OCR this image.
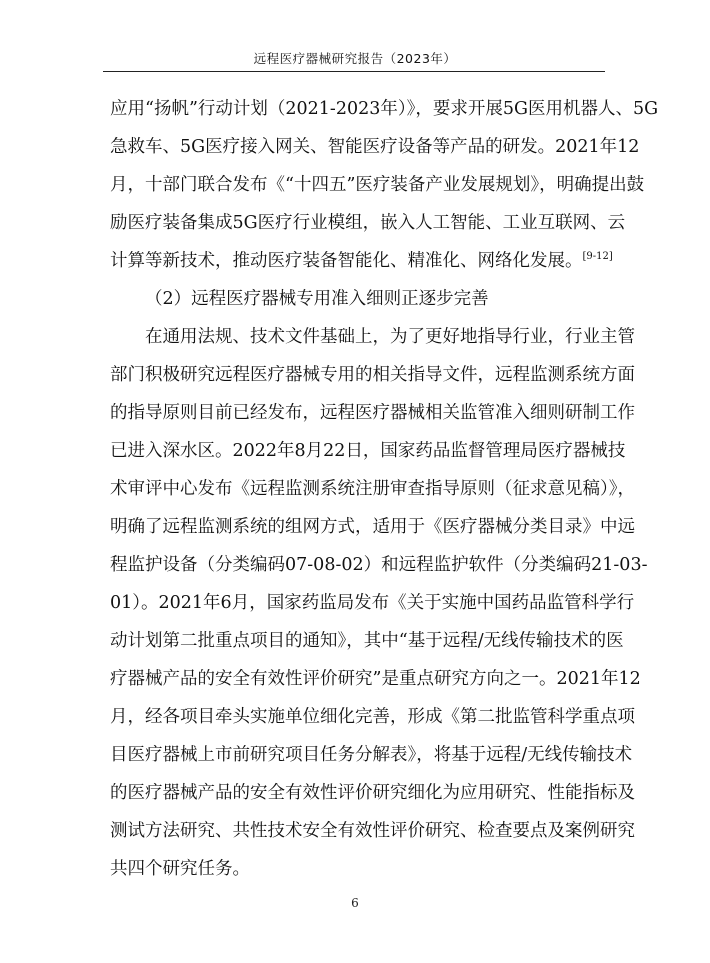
远程医疗器械研究报告（2023年）
应用“扬帆”行动计划（2021-2023年）》，要求开展5G医用机器人、5G
急救车、5G医疗接入网关、智能医疗设备等产品的研发。2021年12
月，十部门联合发布《“十四五”医疗装备产业发展规划》，明确提出鼓
励医疗装备集成5G医疗行业模组，嵌入人工智能、工业互联网、云
计算等新技术，推动医疗装备智能化、精准化、网络化发展。[9-12]
（2）远程医疗器械专用准入细则正逐步完善
在通用法规、技术文件基础上，为了更好地指导行业，行业主管
部门积极研究远程医疗器械专用的相关指导文件，远程监测系统方面
的指导原则目前已经发布，远程医疗器械相关监管准入细则研制工作
已进入深水区。2022年8月22日，国家药品监督管理局医疗器械技
术审评中心发布《远程监测系统注册审查指导原则（征求意见稿）》，
明确了远程监测系统的组网方式，适用于《医疗器械分类目录》中远
程监护设备（分类编码07-08-02）和远程监护软件（分类编码21-03-
01）。2021年6月，国家药监局发布《关于实施中国药品监管科学行
动计划第二批重点项目的通知》，其中“基于远程/无线传输技术的医
疗器械产品的安全有效性评价研究”是重点研究方向之一。2021年12
月，经各项目牵头实施单位细化完善，形成《第二批监管科学重点项
目医疗器械上市前研究项目任务分解表》，将基于远程/无线传输技术
的医疗器械产品的安全有效性评价研究细化为应用研究、性能指标及
测试方法研究、共性技术安全有效性评价研究、检查要点及案例研究
共四个研究任务。
6
